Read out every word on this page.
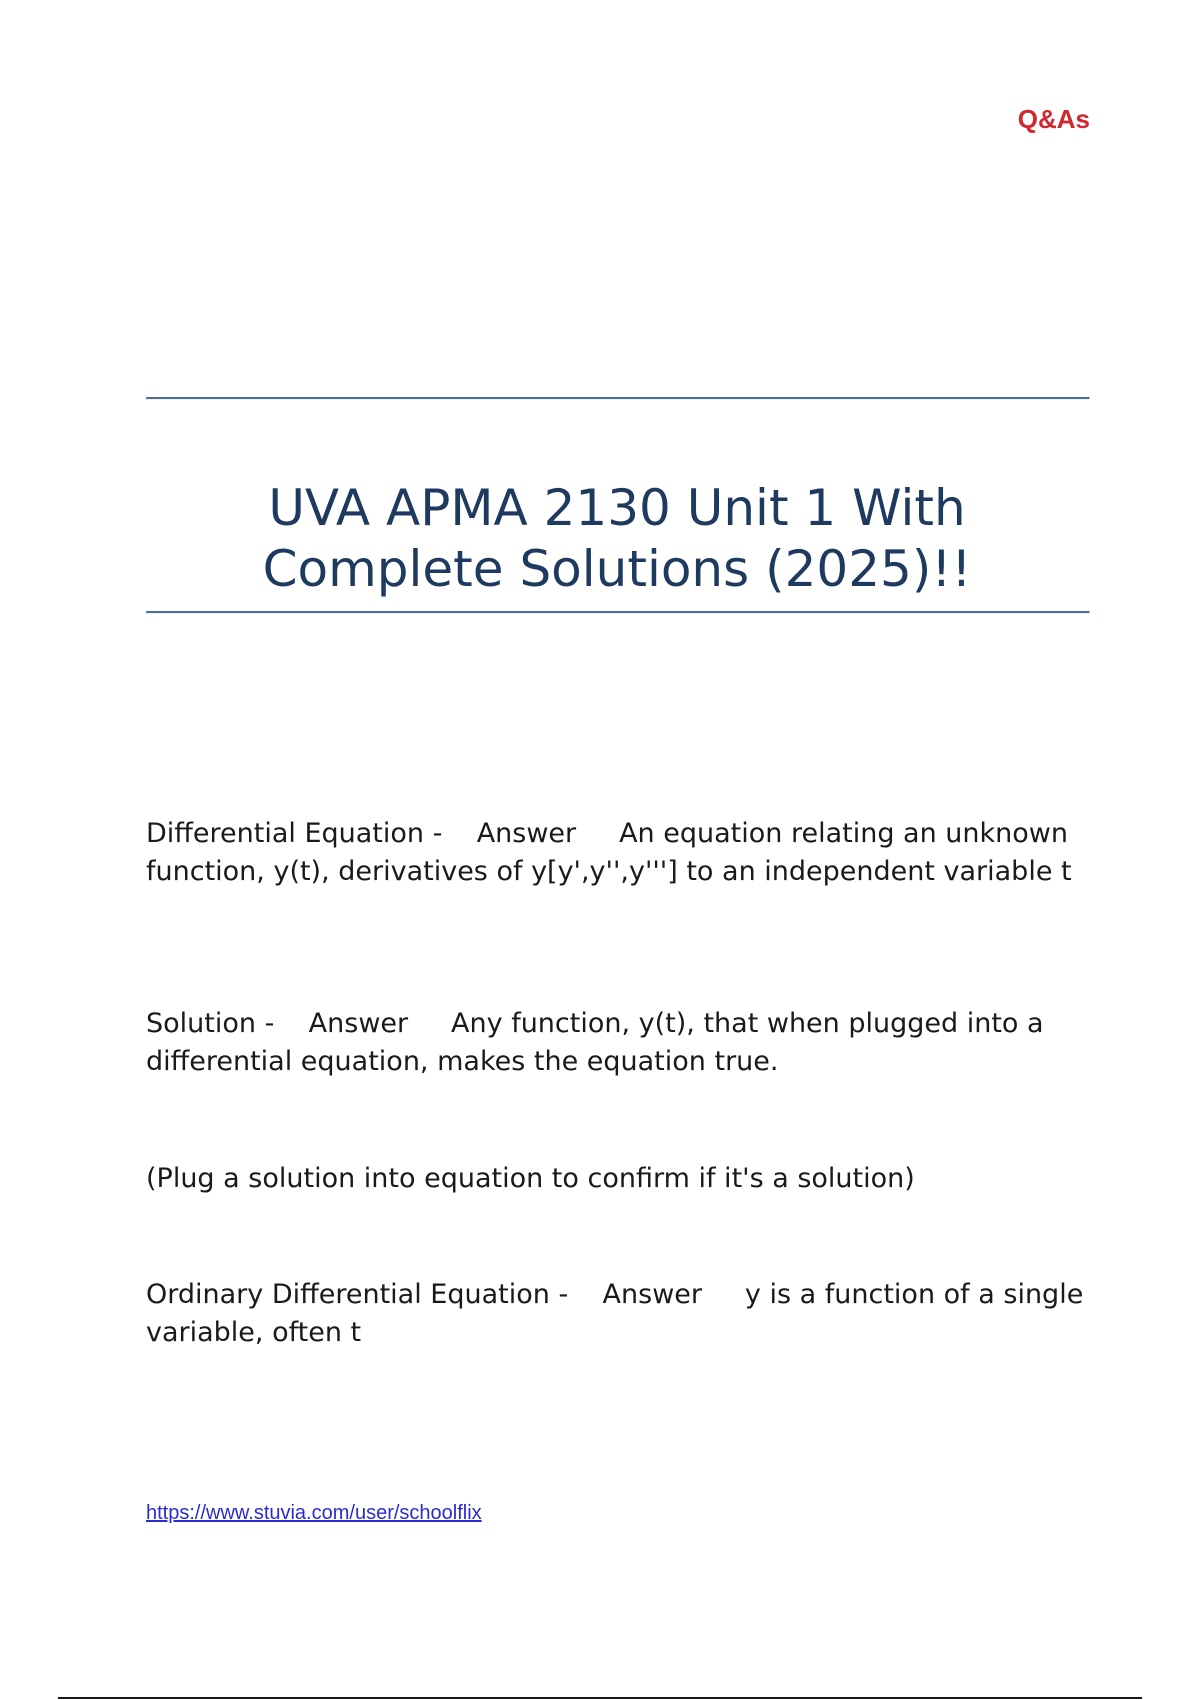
Q&As

UVA APMA 2130 Unit 1 With
Complete Solutions (2025)!!

Differential Equation - Answer An equation relating an unknown function, y(t), derivatives of y[y',y'',y'''] to an independent variable t

Solution - Answer Any function, y(t), that when plugged into a differential equation, makes the equation true.

(Plug a solution into equation to confirm if it's a solution)

Ordinary Differential Equation - Answer y is a function of a single variable, often t

https://www.stuvia.com/user/schoolflix
